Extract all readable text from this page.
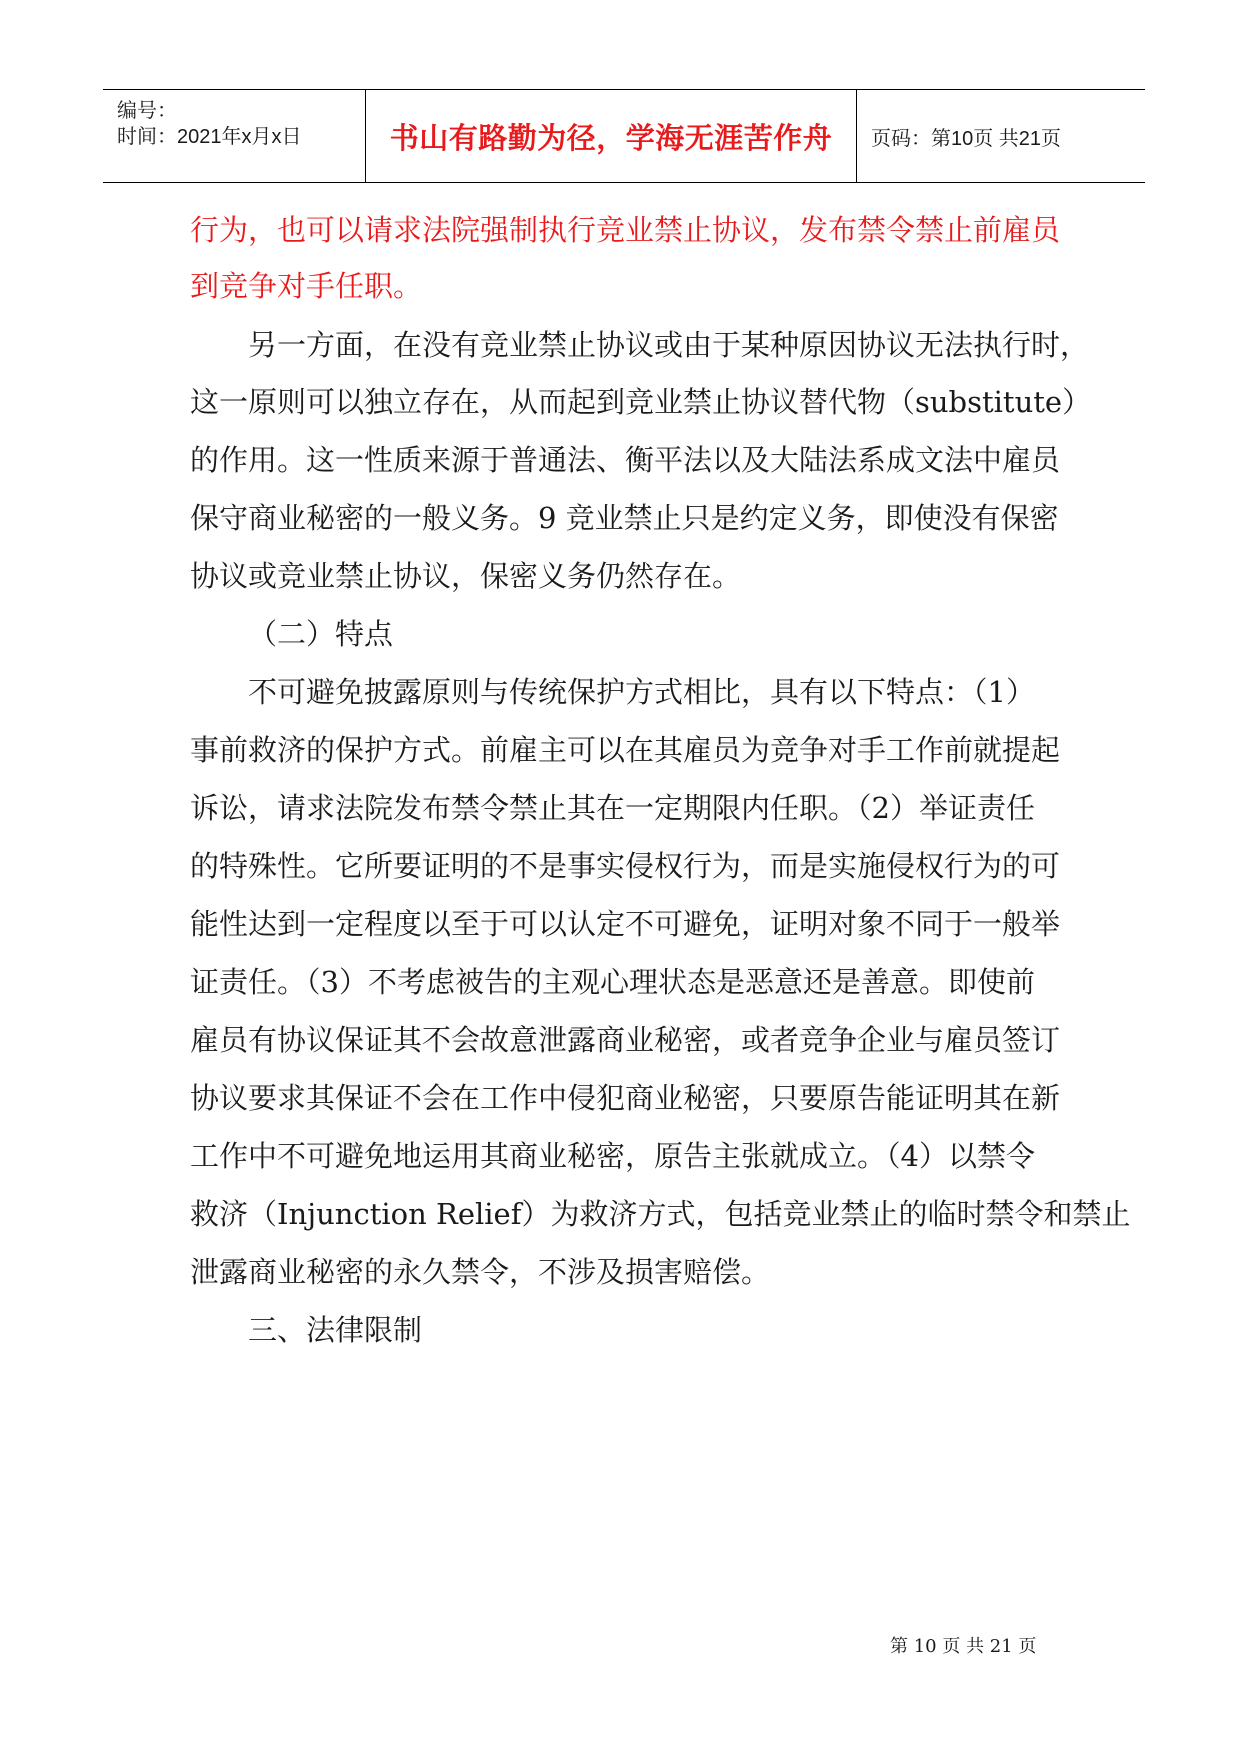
编号：
时间：2021年x月x日	书山有路勤为径，学海无涯苦作舟	页码：第10页 共21页
行为，也可以请求法院强制执行竞业禁止协议，发布禁令禁止前雇员
到竞争对手任职。
另一方面，在没有竞业禁止协议或由于某种原因协议无法执行时，
这一原则可以独立存在，从而起到竞业禁止协议替代物（substitute）
的作用。这一性质来源于普通法、衡平法以及大陆法系成文法中雇员
保守商业秘密的一般义务。9 竞业禁止只是约定义务，即使没有保密
协议或竞业禁止协议，保密义务仍然存在。
（二）特点
不可避免披露原则与传统保护方式相比，具有以下特点：（1）
事前救济的保护方式。前雇主可以在其雇员为竞争对手工作前就提起
诉讼，请求法院发布禁令禁止其在一定期限内任职。（2）举证责任
的特殊性。它所要证明的不是事实侵权行为，而是实施侵权行为的可
能性达到一定程度以至于可以认定不可避免，证明对象不同于一般举
证责任。（3）不考虑被告的主观心理状态是恶意还是善意。即使前
雇员有协议保证其不会故意泄露商业秘密，或者竞争企业与雇员签订
协议要求其保证不会在工作中侵犯商业秘密，只要原告能证明其在新
工作中不可避免地运用其商业秘密，原告主张就成立。（4）以禁令
救济（Injunction Relief）为救济方式，包括竞业禁止的临时禁令和禁止
泄露商业秘密的永久禁令，不涉及损害赔偿。
三、法律限制
第 10 页 共 21 页
